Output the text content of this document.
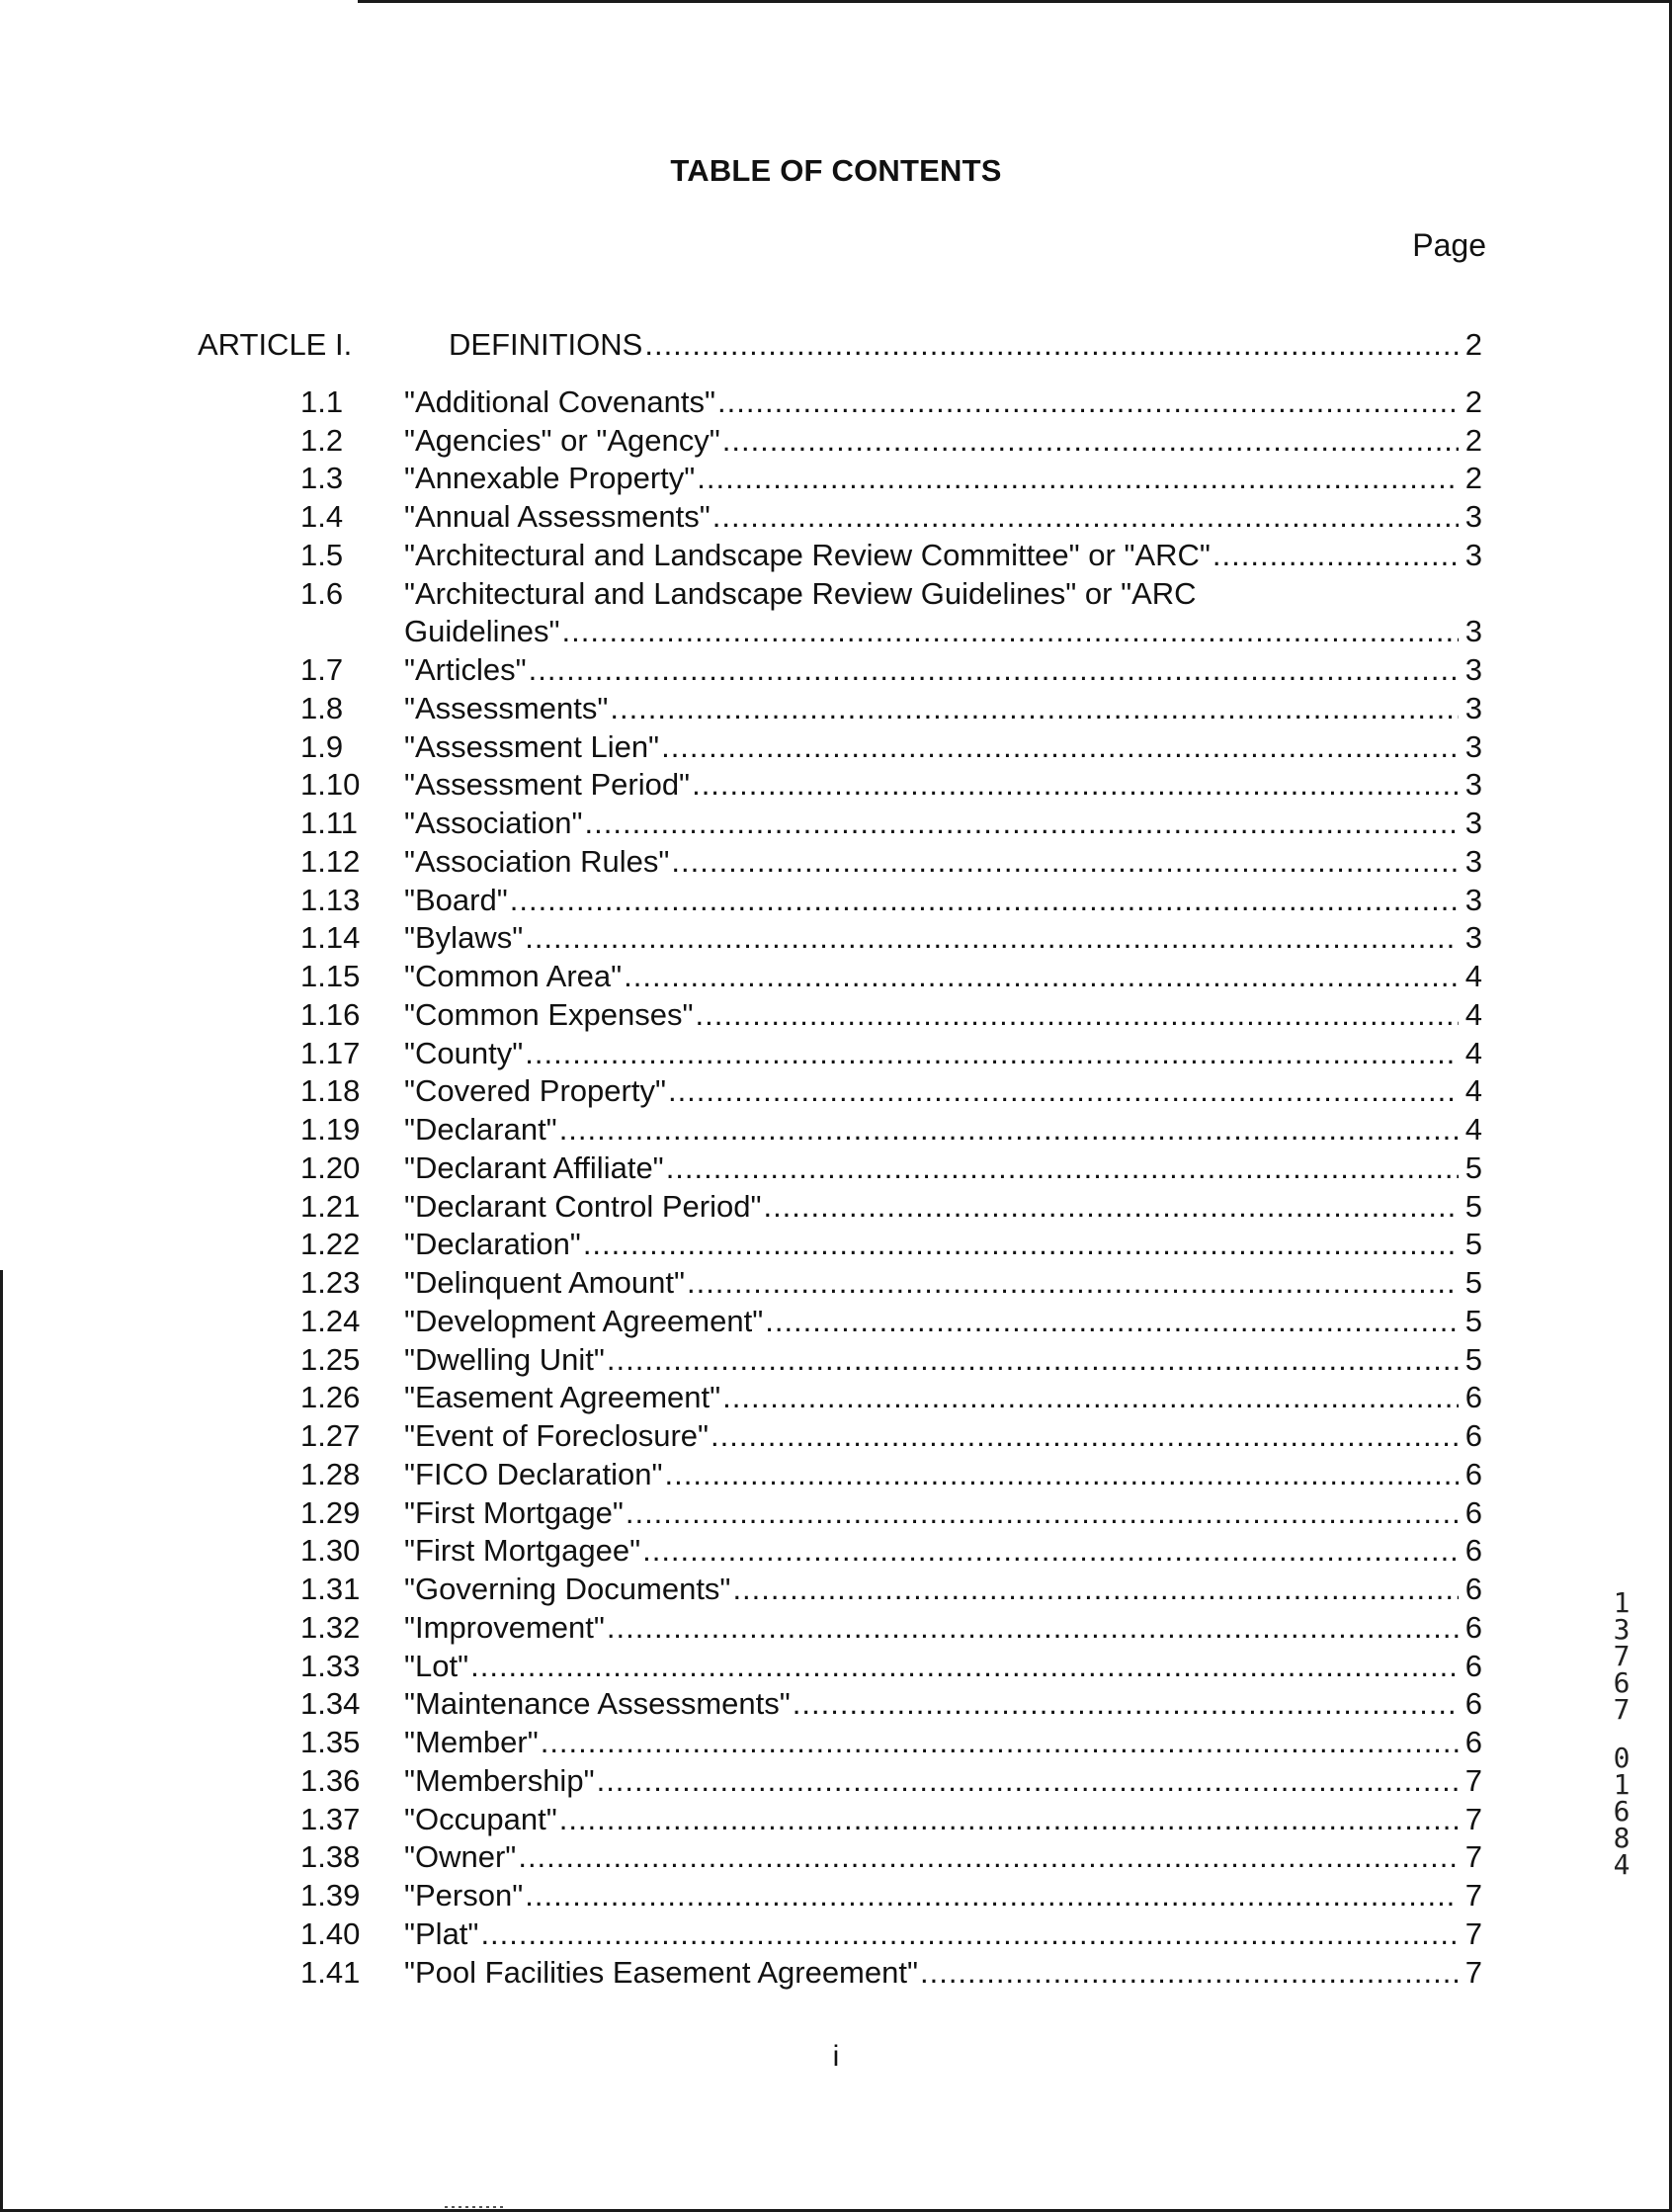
TABLE OF CONTENTS
Page
ARTICLE I.	DEFINITIONS .....	2
1.1	"Additional Covenants" .....	2
1.2	"Agencies" or "Agency" .....	2
1.3	"Annexable Property" .....	2
1.4	"Annual Assessments" .....	3
1.5	"Architectural and Landscape Review Committee" or "ARC" .....	3
1.6	"Architectural and Landscape Review Guidelines" or "ARC
Guidelines" .....	3
1.7	"Articles" .....	3
1.8	"Assessments" .....	3
1.9	"Assessment Lien" .....	3
1.10	"Assessment Period" .....	3
1.11	"Association" .....	3
1.12	"Association Rules" .....	3
1.13	"Board" .....	3
1.14	"Bylaws" .....	3
1.15	"Common Area" .....	4
1.16	"Common Expenses" .....	4
1.17	"County" .....	4
1.18	"Covered Property" .....	4
1.19	"Declarant" .....	4
1.20	"Declarant Affiliate" .....	5
1.21	"Declarant Control Period" .....	5
1.22	"Declaration" .....	5
1.23	"Delinquent Amount" .....	5
1.24	"Development Agreement" .....	5
1.25	"Dwelling Unit" .....	5
1.26	"Easement Agreement" .....	6
1.27	"Event of Foreclosure" .....	6
1.28	"FICO Declaration" .....	6
1.29	"First Mortgage" .....	6
1.30	"First Mortgagee" .....	6
1.31	"Governing Documents" .....	6
1.32	"Improvement" .....	6
1.33	"Lot" .....	6
1.34	"Maintenance Assessments" .....	6
1.35	"Member" .....	6
1.36	"Membership" .....	7
1.37	"Occupant" .....	7
1.38	"Owner" .....	7
1.39	"Person" .....	7
1.40	"Plat" .....	7
1.41	"Pool Facilities Easement Agreement" .....	7
i
1
3
7
6
7
0
1
6
8
4
